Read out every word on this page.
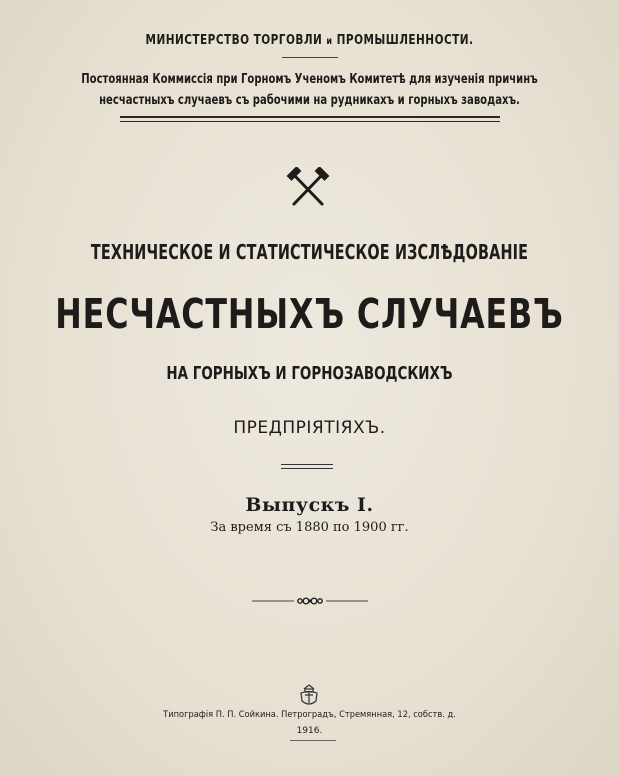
МИНИСТЕРСТВО ТОРГОВЛИ и ПРОМЫШЛЕННОСТИ.
Постоянная Коммиссiя при Горномъ Ученомъ Комитетѣ для изученiя причинъ
несчастныхъ случаевъ съ рабочими на рудникахъ и горныхъ заводахъ.
ТЕХНИЧЕСКОЕ И СТАТИСТИЧЕСКОЕ ИЗСЛѢДОВАНIЕ
НЕСЧАСТНЫХЪ СЛУЧАЕВЪ
НА ГОРНЫХЪ И ГОРНОЗАВОДСКИХЪ
ПРЕДПРIЯТIЯХЪ.
Выпускъ I.
За время съ 1880 по 1900 гг.
Типографiя П. П. Сойкина. Петроградъ, Стремянная, 12, собств. д.
1916.
